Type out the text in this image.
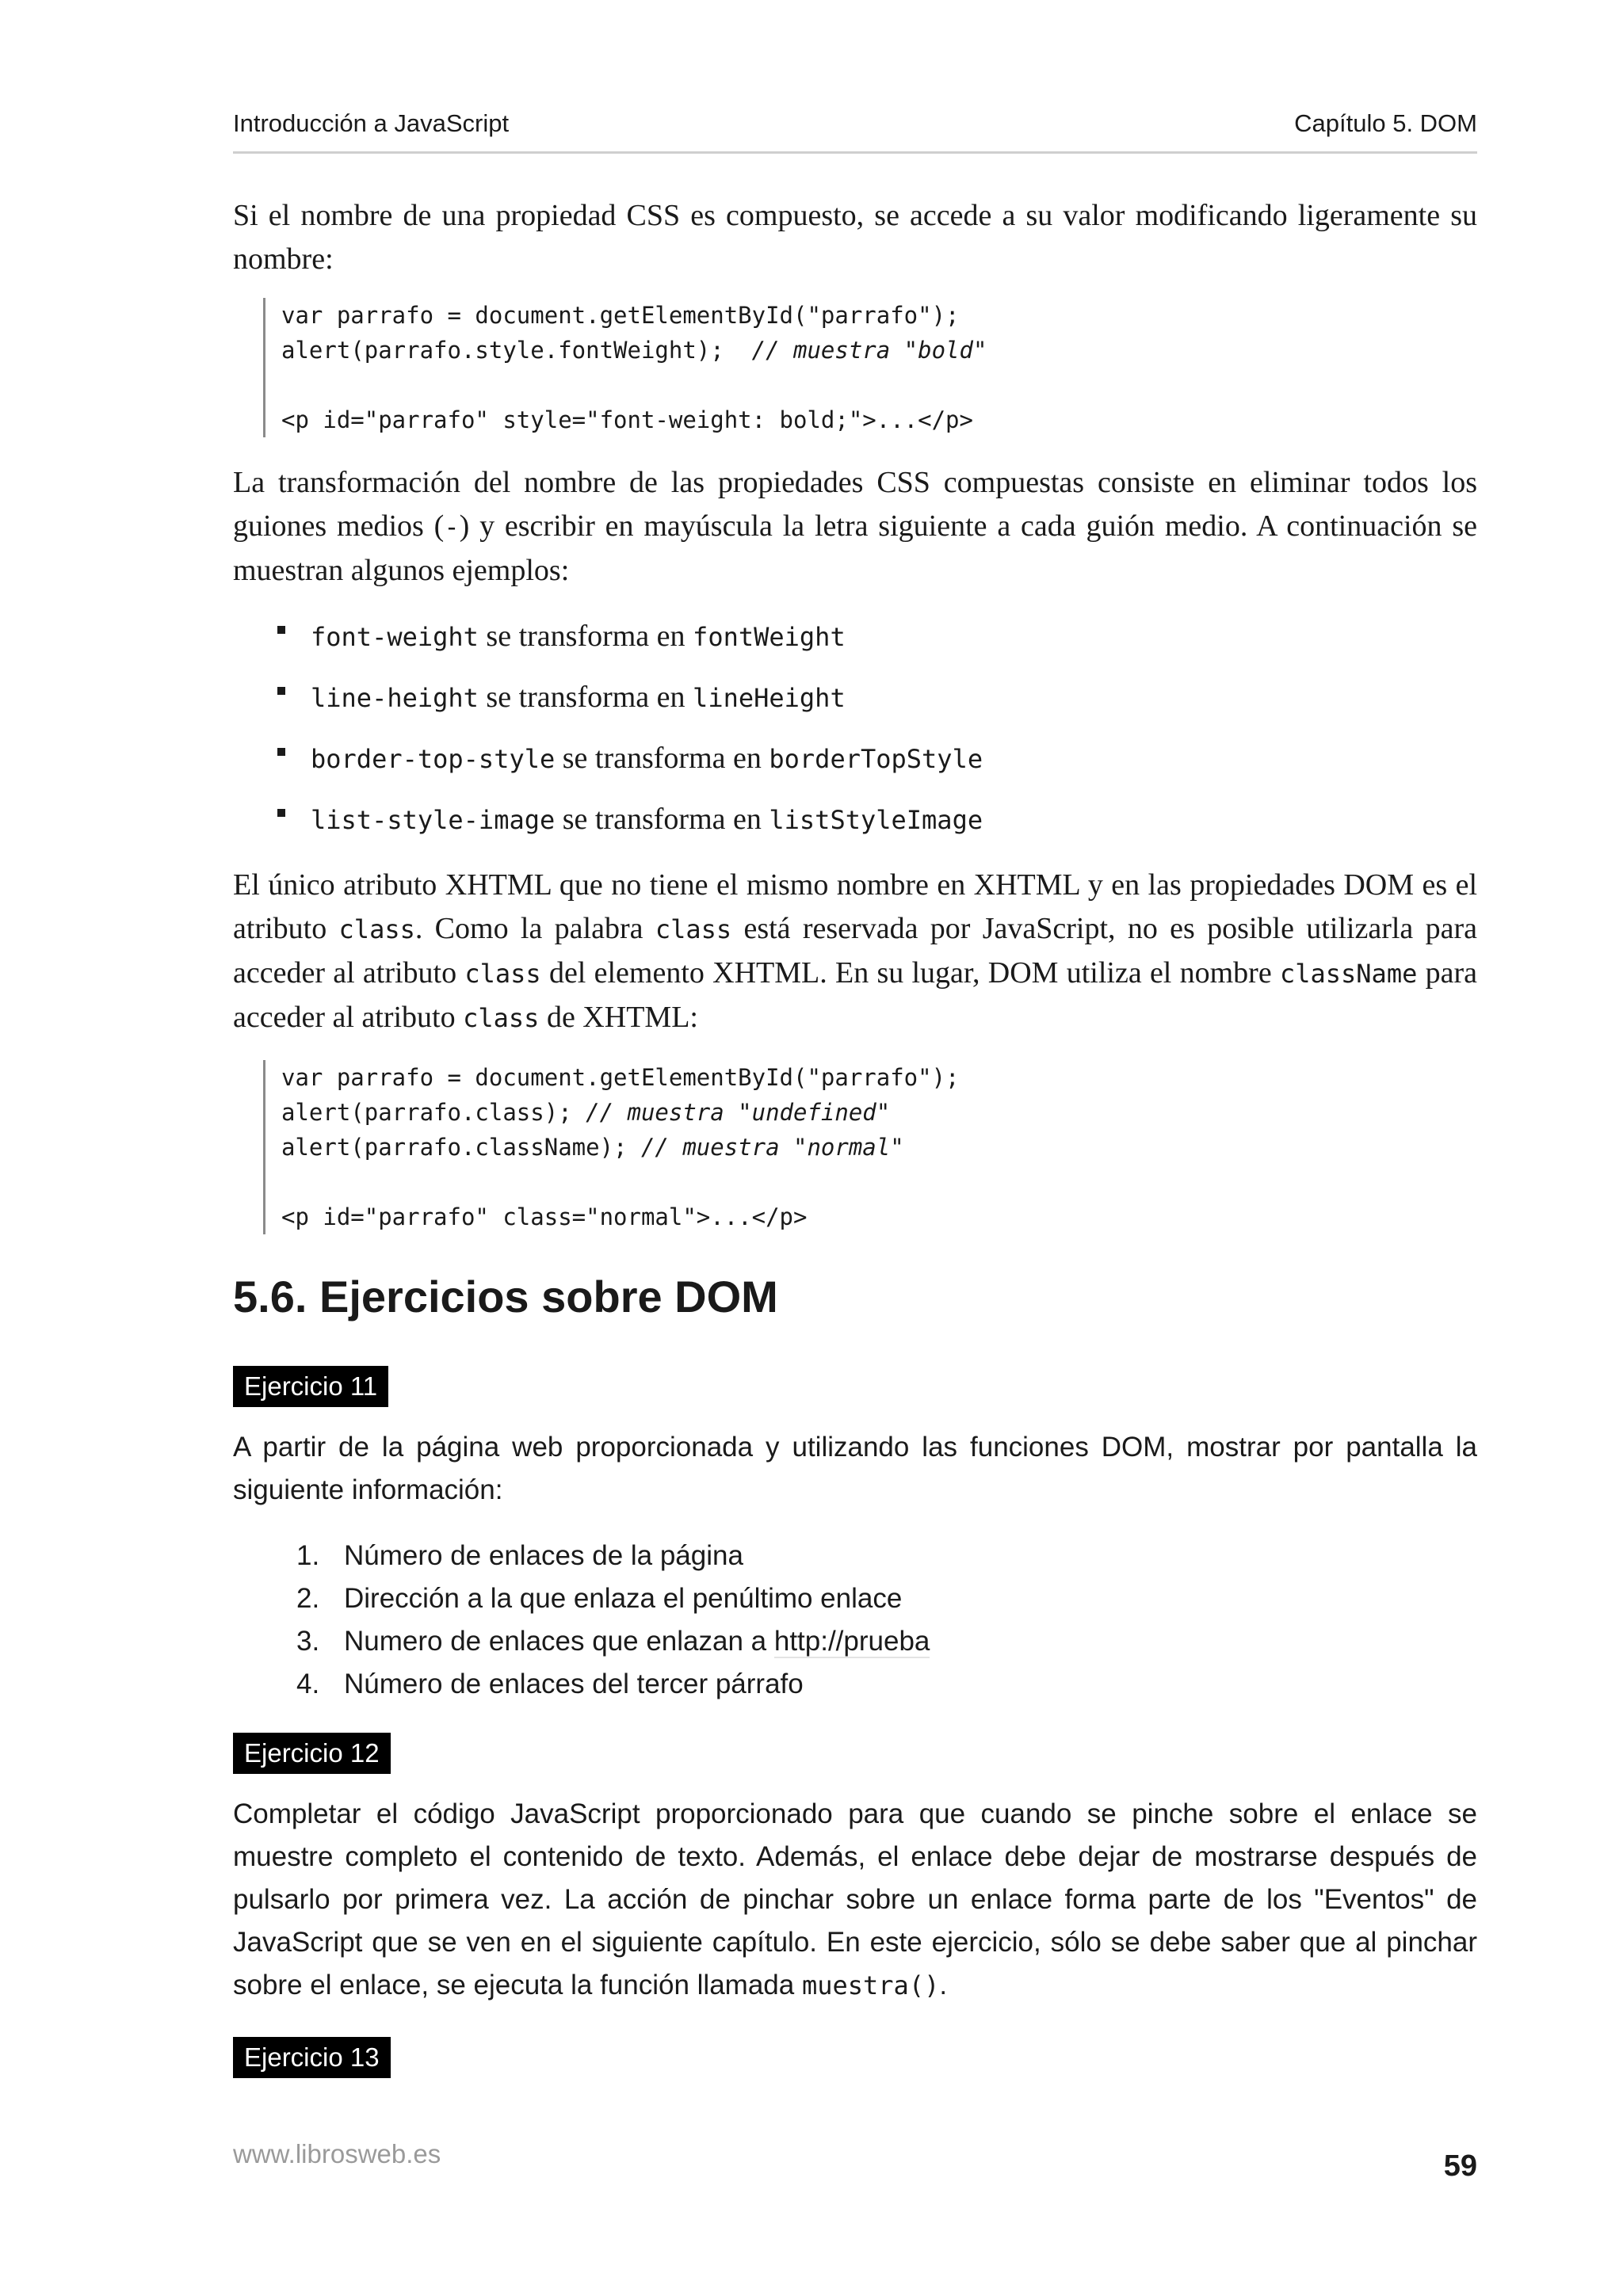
Introducción a JavaScript	Capítulo 5. DOM

Si el nombre de una propiedad CSS es compuesto, se accede a su valor modificando ligeramente su nombre:

var parrafo = document.getElementById("parrafo");
alert(parrafo.style.fontWeight);  // muestra "bold"

<p id="parrafo" style="font-weight: bold;">...</p>

La transformación del nombre de las propiedades CSS compuestas consiste en eliminar todos los guiones medios (-) y escribir en mayúscula la letra siguiente a cada guión medio. A continuación se muestran algunos ejemplos:

font-weight se transforma en fontWeight
line-height se transforma en lineHeight
border-top-style se transforma en borderTopStyle
list-style-image se transforma en listStyleImage

El único atributo XHTML que no tiene el mismo nombre en XHTML y en las propiedades DOM es el atributo class. Como la palabra class está reservada por JavaScript, no es posible utilizarla para acceder al atributo class del elemento XHTML. En su lugar, DOM utiliza el nombre className para acceder al atributo class de XHTML:

var parrafo = document.getElementById("parrafo");
alert(parrafo.class); // muestra "undefined"
alert(parrafo.className); // muestra "normal"

<p id="parrafo" class="normal">...</p>
5.6. Ejercicios sobre DOM
Ejercicio 11

A partir de la página web proporcionada y utilizando las funciones DOM, mostrar por pantalla la siguiente información:

1. Número de enlaces de la página
2. Dirección a la que enlaza el penúltimo enlace
3. Numero de enlaces que enlazan a http://prueba
4. Número de enlaces del tercer párrafo
Ejercicio 12

Completar el código JavaScript proporcionado para que cuando se pinche sobre el enlace se muestre completo el contenido de texto. Además, el enlace debe dejar de mostrarse después de pulsarlo por primera vez. La acción de pinchar sobre un enlace forma parte de los "Eventos" de JavaScript que se ven en el siguiente capítulo. En este ejercicio, sólo se debe saber que al pinchar sobre el enlace, se ejecuta la función llamada muestra().

Ejercicio 13
www.librosweb.es	59
